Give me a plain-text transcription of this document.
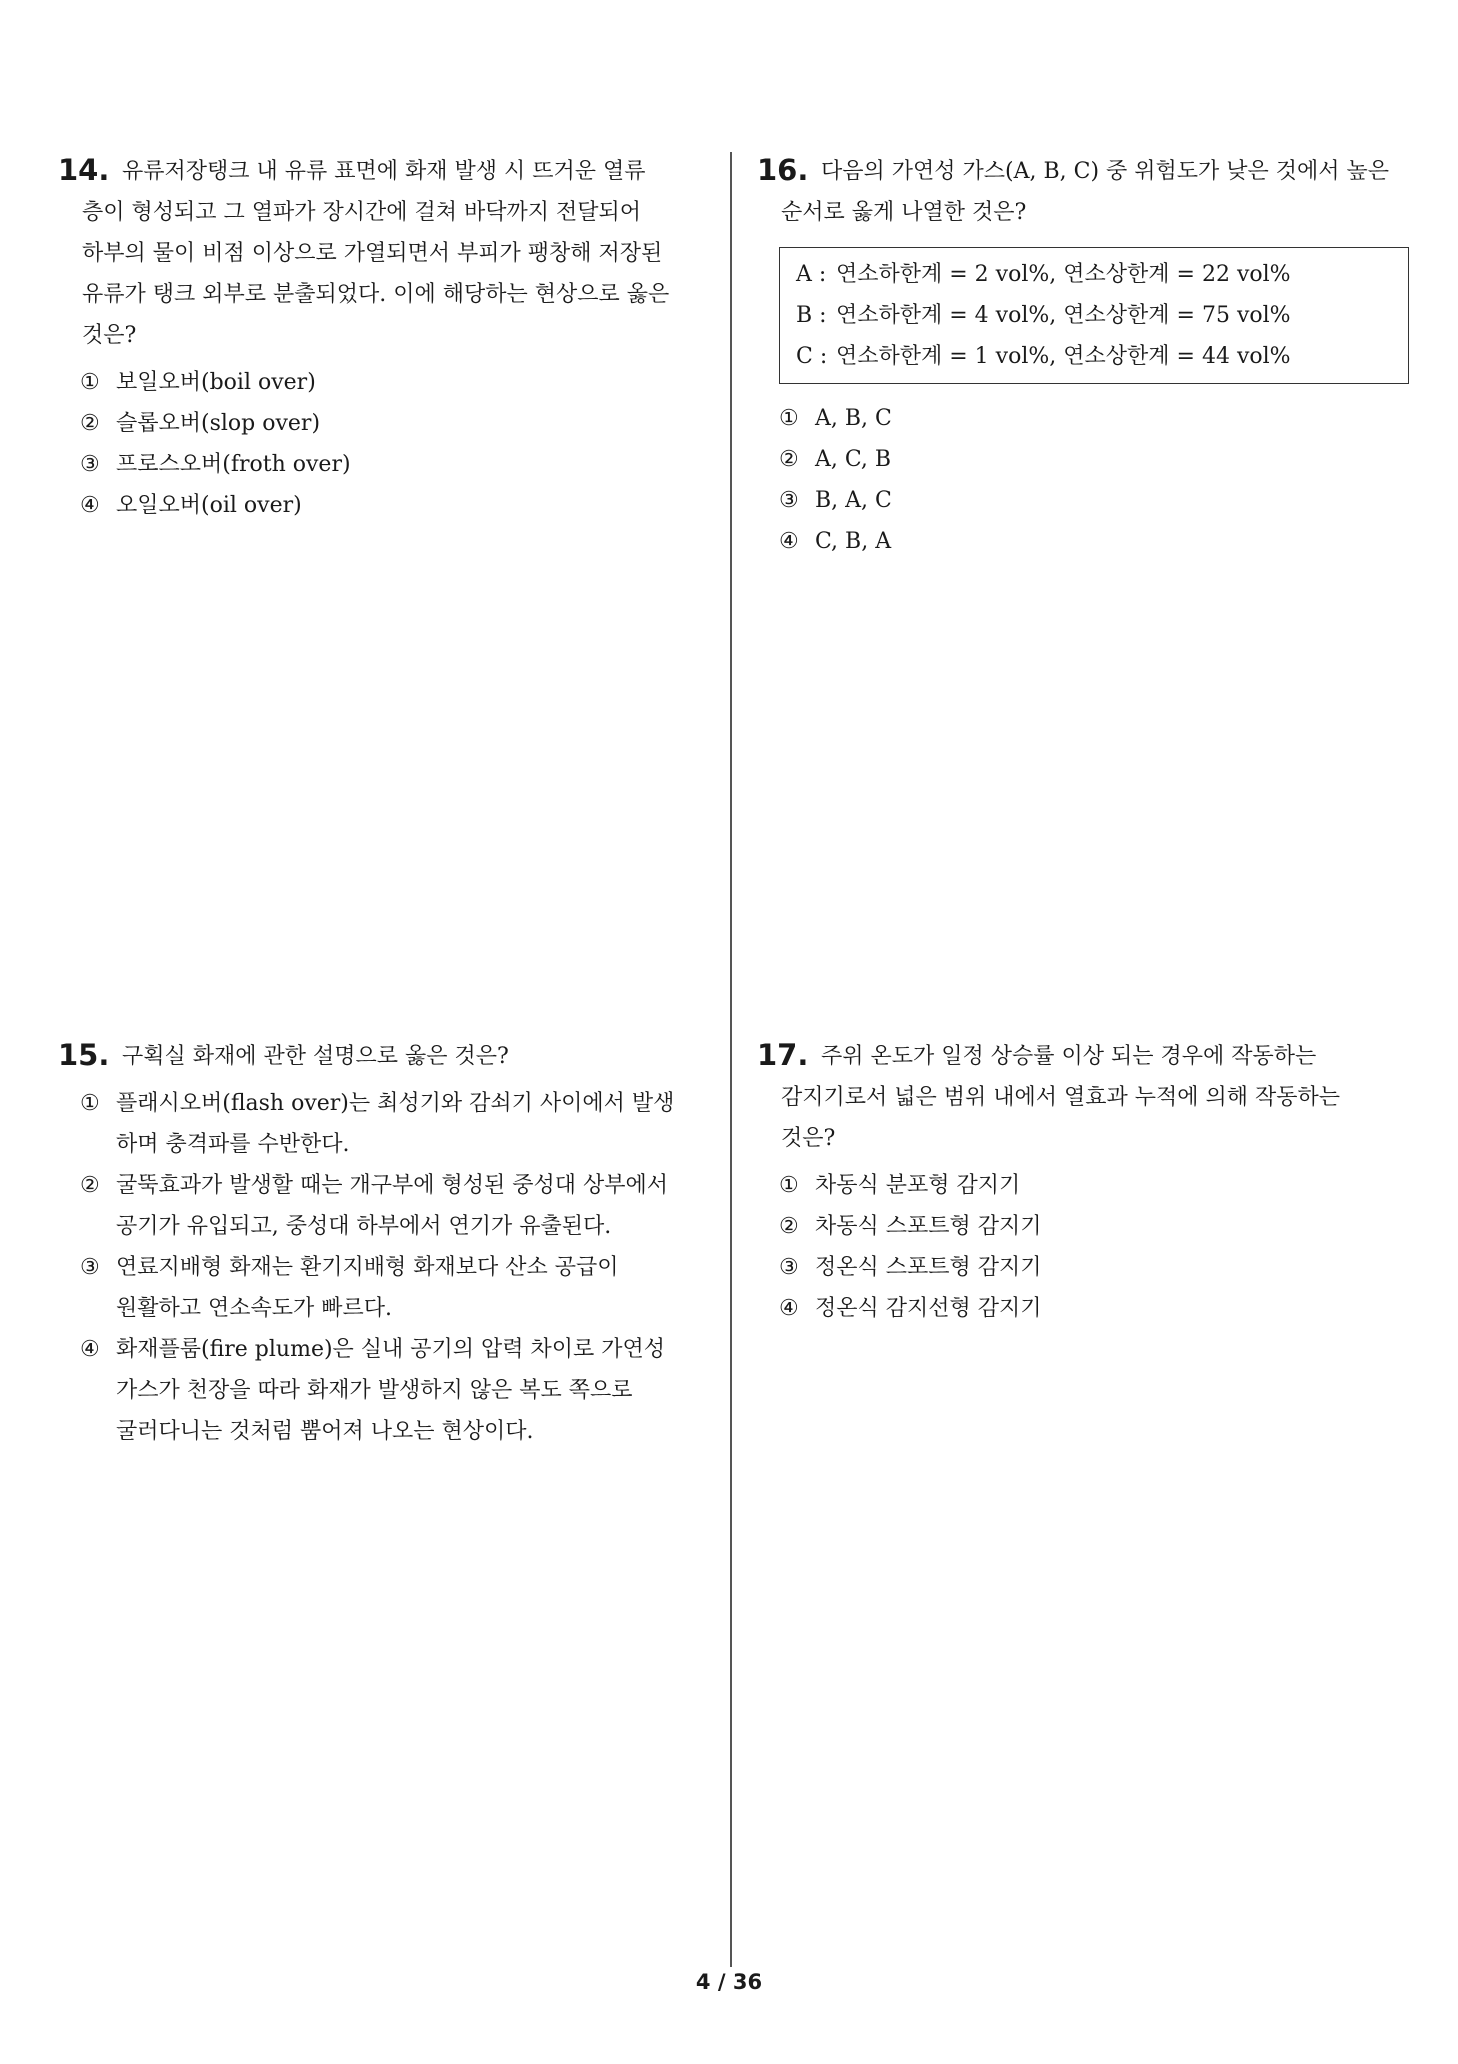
14. 유류저장탱크 내 유류 표면에 화재 발생 시 뜨거운 열류
층이 형성되고 그 열파가 장시간에 걸쳐 바닥까지 전달되어
하부의 물이 비점 이상으로 가열되면서 부피가 팽창해 저장된
유류가 탱크 외부로 분출되었다. 이에 해당하는 현상으로 옳은
것은?
① 보일오버(boil over)
② 슬롭오버(slop over)
③ 프로스오버(froth over)
④ 오일오버(oil over)
15. 구획실 화재에 관한 설명으로 옳은 것은?
① 플래시오버(flash over)는 최성기와 감쇠기 사이에서 발생
하며 충격파를 수반한다.
② 굴뚝효과가 발생할 때는 개구부에 형성된 중성대 상부에서
공기가 유입되고, 중성대 하부에서 연기가 유출된다.
③ 연료지배형 화재는 환기지배형 화재보다 산소 공급이
원활하고 연소속도가 빠르다.
④ 화재플룸(fire plume)은 실내 공기의 압력 차이로 가연성
가스가 천장을 따라 화재가 발생하지 않은 복도 쪽으로
굴러다니는 것처럼 뿜어져 나오는 현상이다.
16. 다음의 가연성 가스(A, B, C) 중 위험도가 낮은 것에서 높은
순서로 옳게 나열한 것은?
A : 연소하한계 = 2 vol%, 연소상한계 = 22 vol%
B : 연소하한계 = 4 vol%, 연소상한계 = 75 vol%
C : 연소하한계 = 1 vol%, 연소상한계 = 44 vol%
① A, B, C
② A, C, B
③ B, A, C
④ C, B, A
17. 주위 온도가 일정 상승률 이상 되는 경우에 작동하는
감지기로서 넓은 범위 내에서 열효과 누적에 의해 작동하는
것은?
① 차동식 분포형 감지기
② 차동식 스포트형 감지기
③ 정온식 스포트형 감지기
④ 정온식 감지선형 감지기
4 / 36
